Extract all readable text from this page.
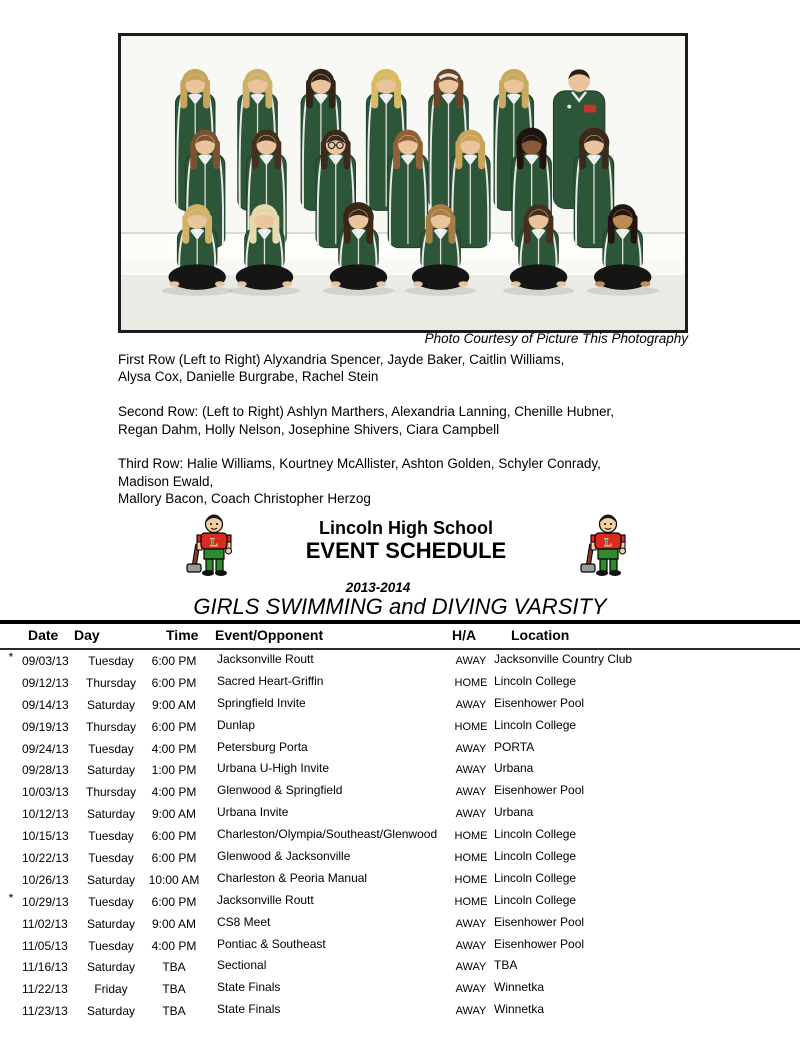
Photo Courtesy of Picture This Photography

First Row (Left to Right) Alyxandria Spencer, Jayde Baker, Caitlin Williams,
Alysa Cox, Danielle Burgrabe, Rachel Stein

Second Row: (Left to Right) Ashlyn Marthers, Alexandria Lanning, Chenille Hubner,
Regan Dahm, Holly Nelson, Josephine Shivers, Ciara Campbell

Third Row: Halie Williams, Kourtney McAllister, Ashton Golden, Schyler Conrady,
Madison Ewald,
Mallory Bacon, Coach Christopher Herzog

L	L
Lincoln High School
EVENT SCHEDULE
2013-2014
GIRLS SWIMMING and DIVING VARSITY
Date Day	Time Event/Opponent	H/A Location
* 09/03/13	Tuesday	6:00 PM	Jacksonville Routt	AWAY Jacksonville Country Club
09/12/13	Thursday	6:00 PM	Sacred Heart-Griffin	HOME Lincoln College
09/14/13	Saturday	9:00 AM	Springfield Invite	AWAY Eisenhower Pool
09/19/13	Thursday	6:00 PM	Dunlap	HOME Lincoln College
09/24/13	Tuesday	4:00 PM	Petersburg Porta	AWAY PORTA
09/28/13	Saturday	1:00 PM	Urbana U-High Invite	AWAY Urbana
10/03/13	Thursday	4:00 PM	Glenwood & Springfield	AWAY Eisenhower Pool
10/12/13	Saturday	9:00 AM	Urbana Invite	AWAY Urbana
10/15/13	Tuesday	6:00 PM	Charleston/Olympia/Southeast/Glenwood	HOME Lincoln College
10/22/13	Tuesday	6:00 PM	Glenwood & Jacksonville	HOME Lincoln College
10/26/13	Saturday	10:00 AM	Charleston & Peoria Manual	HOME Lincoln College
* 10/29/13	Tuesday	6:00 PM	Jacksonville Routt	HOME Lincoln College
11/02/13	Saturday	9:00 AM	CS8 Meet	AWAY Eisenhower Pool
11/05/13	Tuesday	4:00 PM	Pontiac & Southeast	AWAY Eisenhower Pool
11/16/13	Saturday	TBA	Sectional	AWAY TBA
11/22/13	Friday	TBA	State Finals	AWAY Winnetka
11/23/13	Saturday	TBA	State Finals	AWAY Winnetka
